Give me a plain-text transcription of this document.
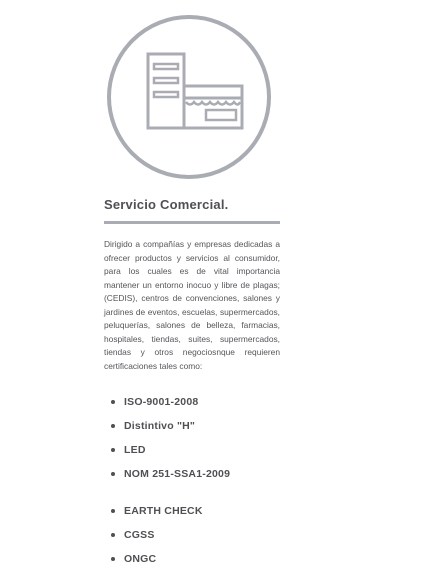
Servicio Comercial.

Dirigido a compañías y empresas dedicadas a ofrecer productos y servicios al consumidor, para los cuales es de vital importancia mantener un entorno inocuo y libre de plagas; (CEDIS), centros de convenciones, salones y jardines de eventos, escuelas, supermercados, peluquerías, salones de belleza, farmacias, hospitales, tiendas, suites, supermercados, tiendas y otros negociosnque requieren certificaciones tales como:

ISO-9001-2008
Distintivo "H"
LED
NOM 251-SSA1-2009
EARTH CHECK
CGSS
ONGC
